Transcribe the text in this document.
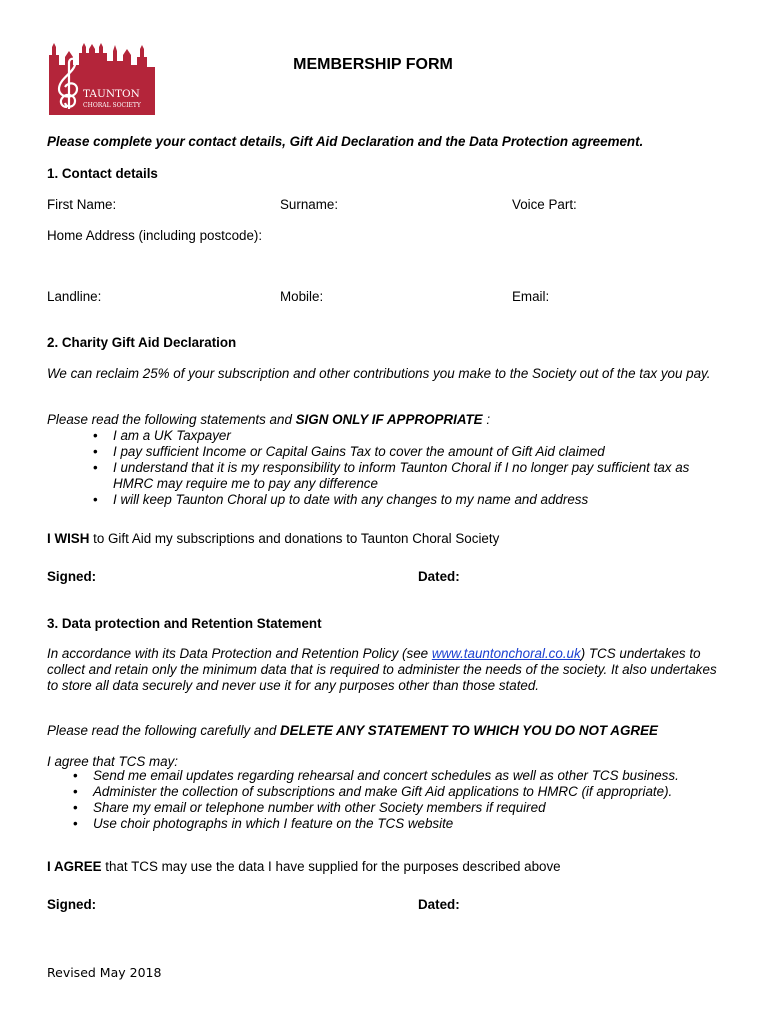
TAUNTON
CHORAL SOCIETY
MEMBERSHIP FORM
Please complete your contact details, Gift Aid Declaration and the Data Protection agreement.
1. Contact details
First Name:	Surname:	Voice Part:
Home Address (including postcode):
Landline:	Mobile:	Email:
2. Charity Gift Aid Declaration
We can reclaim 25% of your subscription and other contributions you make to the Society out of the tax you pay.
Please read the following statements and SIGN ONLY IF APPROPRIATE :
• I am a UK Taxpayer
• I pay sufficient Income or Capital Gains Tax to cover the amount of Gift Aid claimed
• I understand that it is my responsibility to inform Taunton Choral if I no longer pay sufficient tax as HMRC may require me to pay any difference
• I will keep Taunton Choral up to date with any changes to my name and address
I WISH to Gift Aid my subscriptions and donations to Taunton Choral Society
Signed:	Dated:
3. Data protection and Retention Statement
In accordance with its Data Protection and Retention Policy (see www.tauntonchoral.co.uk) TCS undertakes to collect and retain only the minimum data that is required to administer the needs of the society. It also undertakes to store all data securely and never use it for any purposes other than those stated.
Please read the following carefully and DELETE ANY STATEMENT TO WHICH YOU DO NOT AGREE
I agree that TCS may:
• Send me email updates regarding rehearsal and concert schedules as well as other TCS business.
• Administer the collection of subscriptions and make Gift Aid applications to HMRC (if appropriate).
• Share my email or telephone number with other Society members if required
• Use choir photographs in which I feature on the TCS website
I AGREE that TCS may use the data I have supplied for the purposes described above
Signed:	Dated:
Revised May 2018
